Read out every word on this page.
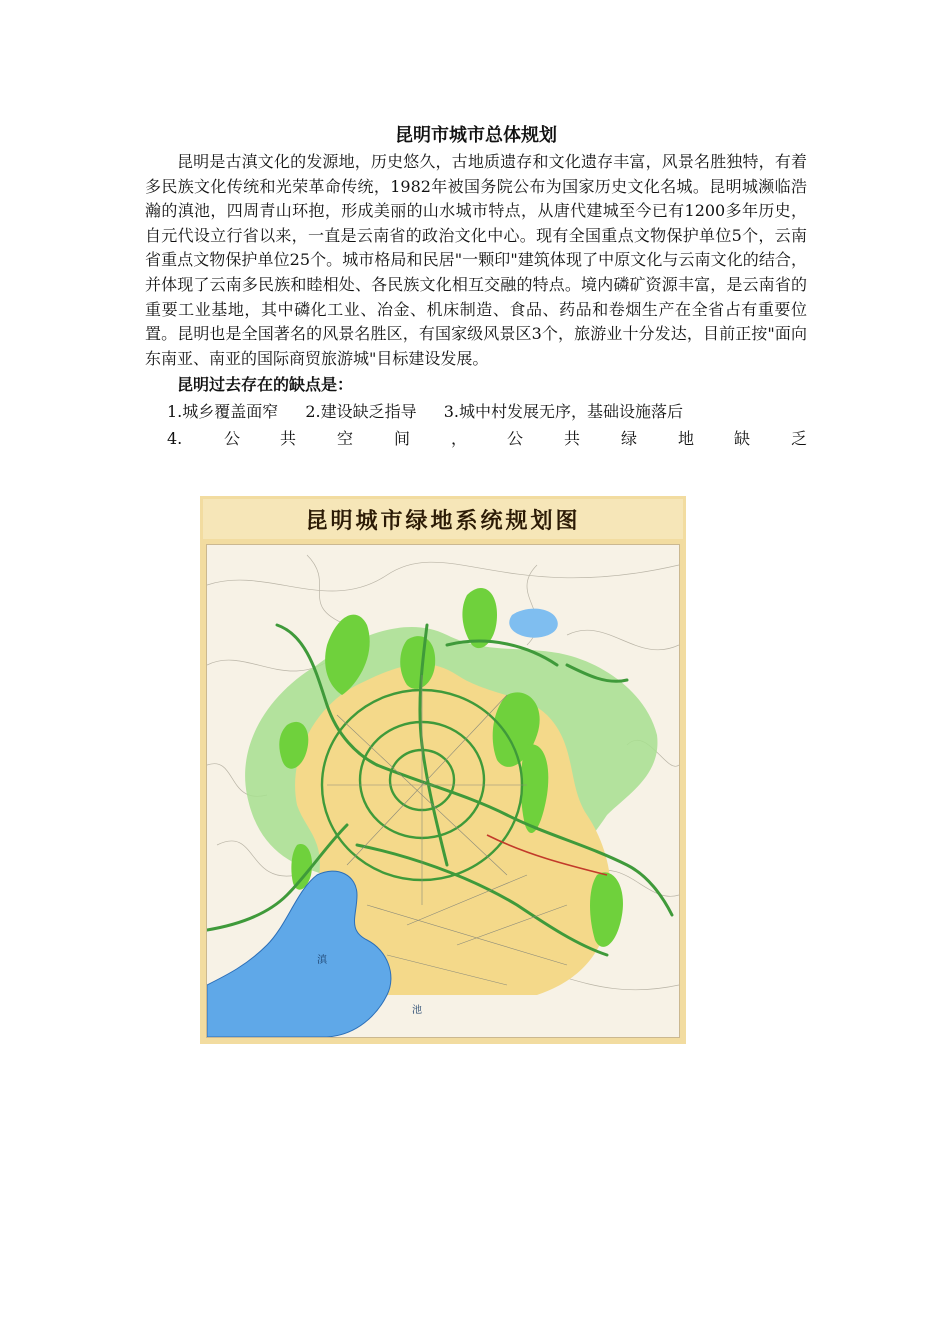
昆明市城市总体规划

昆明是古滇文化的发源地，历史悠久，古地质遗存和文化遗存丰富，风景名胜独特，有着多民族文化传统和光荣革命传统，1982年被国务院公布为国家历史文化名城。昆明城濒临浩瀚的滇池，四周青山环抱，形成美丽的山水城市特点，从唐代建城至今已有1200多年历史，自元代设立行省以来，一直是云南省的政治文化中心。现有全国重点文物保护单位5个，云南省重点文物保护单位25个。城市格局和民居"一颗印"建筑体现了中原文化与云南文化的结合，并体现了云南多民族和睦相处、各民族文化相互交融的特点。境内磷矿资源丰富，是云南省的重要工业基地，其中磷化工业、冶金、机床制造、食品、药品和卷烟生产在全省占有重要位置。昆明也是全国著名的风景名胜区，有国家级风景区3个，旅游业十分发达，目前正按"面向东南亚、南亚的国际商贸旅游城"目标建设发展。

昆明过去存在的缺点是：

1.城乡覆盖面窄 2.建设缺乏指导 3.城中村发展无序，基础设施落后

4.	公 共	空	间	， 公	共	绿	地 缺	乏
昆明城市绿地系统规划图
滇
池
